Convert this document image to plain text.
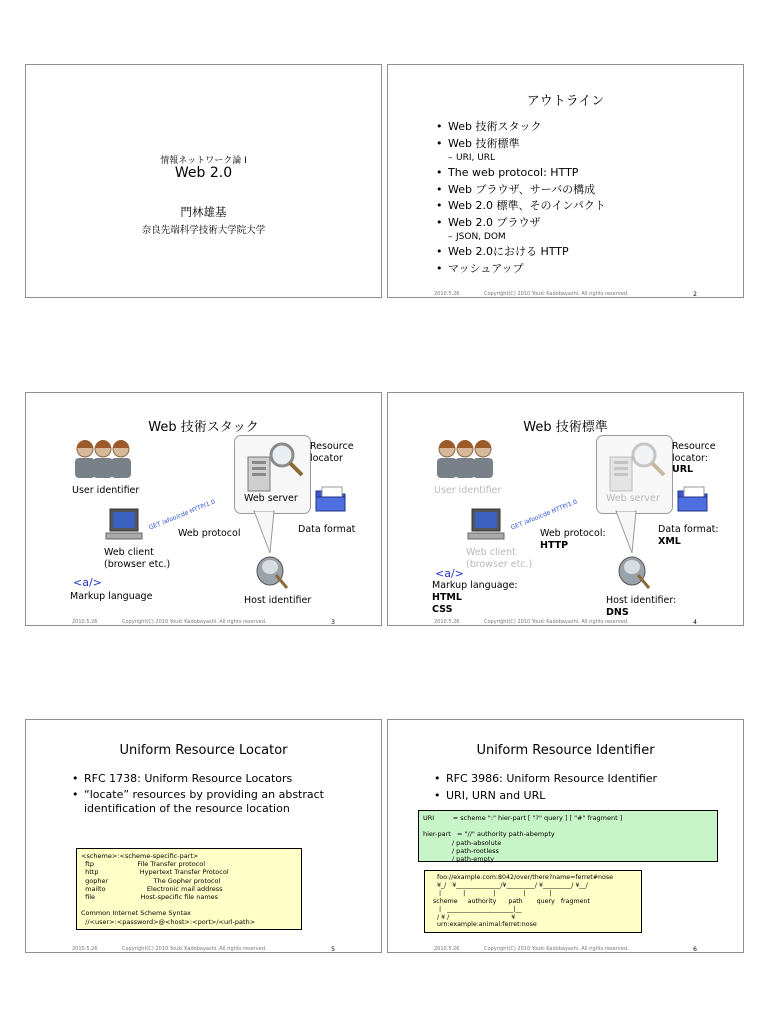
情報ネットワーク論 I
Web 2.0
門林雄基
奈良先端科学技術大学院大学
アウトライン
• Web 技術スタック
• Web 技術標準
– URI, URL
• The web protocol: HTTP
• Web ブラウザ、サーバの構成
• Web 2.0 標準、そのインパクト
• Web 2.0 ブラウザ
– JSON, DOM
• Web 2.0における HTTP
• マッシュアップ
2010.5.26	Copyright(C) 2010 Youki Kadobayashi. All rights reserved.	2
Web 技術スタック
Resource
locator
User identifier
Web server
GET /afoo/cde HTTP/1.0
Web protocol	Data format
Web client
(browser etc.)
<a/>
Markup language	Host identifier
2010.5.26	Copyright(C) 2010 Youki Kadobayashi. All rights reserved.	3
Web 技術標準
Resource
locator:
URL
User identifier
Web server
GET /afoo/cde HTTP/1.0
Web protocol:
HTTP
Data format:
XML
Web client
(browser etc.)
<a/>
Markup language:
HTML
CSS
Host identifier:
DNS
2010.5.26	Copyright(C) 2010 Youki Kadobayashi. All rights reserved.	4
Uniform Resource Locator
• RFC 1738: Uniform Resource Locators
• “locate” resources by providing an abstract
identification of the resource location
<scheme>:<scheme-specific-part>
ftp                     File Transfer protocol
http                    Hypertext Transfer Protocol
gopher                      The Gopher protocol
mailto                    Electronic mail address
file                      Host-specific file names

Common Internet Scheme Syntax
//<user>:<password>@<host>:<port>/<url-path>
2010.5.26	Copyright(C) 2010 Youki Kadobayashi. All rights reserved.	5
Uniform Resource Identifier
• RFC 3986: Uniform Resource Identifier
• URI, URN and URL
URI         = scheme ":" hier-part [ "?" query ] [ "#" fragment ]

hier-part   = "//" authority path-abempty
/ path-absolute
/ path-rootless
/ path-empty
foo://example.com:8042/over/there?name=ferret#nose
¥_/   ¥______________/¥_________/ ¥_________/ ¥__/
|           |              |              |            |
scheme     authority      path       query   fragment
|   _____________________|__
/ ¥ /                               ¥
urn:example:animal:ferret:nose
2010.5.26	Copyright(C) 2010 Youki Kadobayashi. All rights reserved.	6
